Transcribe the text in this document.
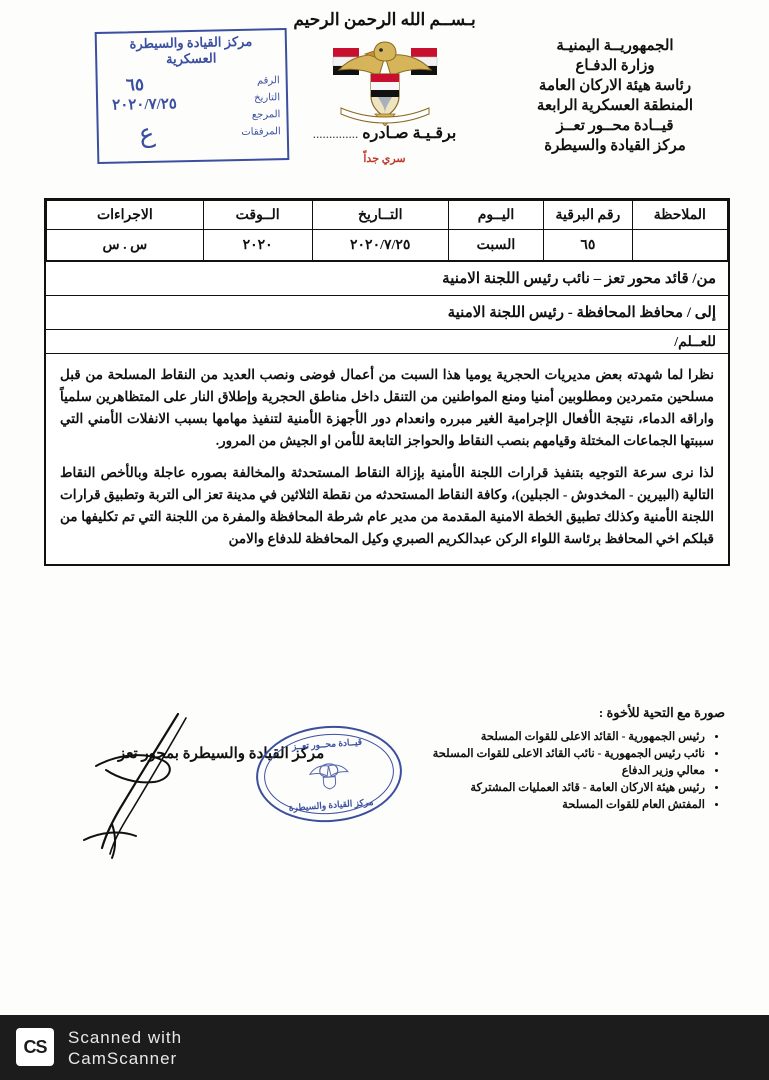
بـســم الله الرحمن الرحيم
برقـيـة صـادره ..............
سري جداً
الجمهوريــة اليمنيـة
وزارة الدفـاع
رئاسة هيئة الاركان العامة
المنطقة العسكرية الرابعة
قيــادة محــور تعــز
مركز القيادة والسيطرة
مركز القيادة والسيطرة
العسكرية
الرقم
التاريخ
المرجع
المرفقات
٦٥
٢٠٢٠/٧/٢٥
ﻉ
الملاحظة	رقم البرقية	اليــوم	التــاريخ	الــوقت	الاجراءات
	٦٥	السبت	٢٠٢٠/٧/٢٥	٢٠٢٠	س . س
من/ قائد محور تعز – نائب رئيس اللجنة الامنية
إلى / محافظ المحافظة - رئيس اللجنة الامنية
للعــلم/

نظرا لما شهدته بعض مديريات الحجرية يوميا هذا السبت من أعمال فوضى ونصب العديد من النقاط المسلحة من قبل مسلحين متمردين ومطلوبين أمنيا ومنع المواطنين من التنقل داخل مناطق الحجرية وإطلاق النار على المتظاهرين سلمياً واراقه الدماء، نتيجة الأفعال الإجرامية الغير مبرره وانعدام دور الأجهزة الأمنية لتنفيذ مهامها بسبب الانفلات الأمني التي سببتها الجماعات المختلة وقيامهم بنصب النقاط والحواجز التابعة للأمن او الجيش من المرور.

لذا نرى سرعة التوجيه بتنفيذ قرارات اللجنة الأمنية بإزالة النقاط المستحدثة والمخالفة بصوره عاجلة وبالأخص النقاط التالية (البيرين - المخدوش - الجبلين)، وكافة النقاط المستحدثه من نقطة الثلاثين في مدينة تعز الى التربة وتطبيق قرارات اللجنة الأمنية وكذلك تطبيق الخطة الامنية المقدمة من مدير عام شرطة المحافظة والمفرة من اللجنة التي تم تكليفها من قبلكم اخي المحافظ برئاسة اللواء الركن عبدالكريم الصبري وكيل المحافظة للدفاع والامن

صورة مع التحية للأخوة :
• رئيس الجمهورية - القائد الاعلى للقوات المسلحة
• نائب رئيس الجمهورية - نائب القائد الاعلى للقوات المسلحة
• معالي وزير الدفاع
• رئيس هيئة الاركان العامة - قائد العمليات المشتركة
• المفتش العام للقوات المسلحة
مركز القيادة والسيطرة بمحور تعز
قيــادة محــور تعــز
مركز القيادة والسيطرة
CS	Scanned with
CamScanner
